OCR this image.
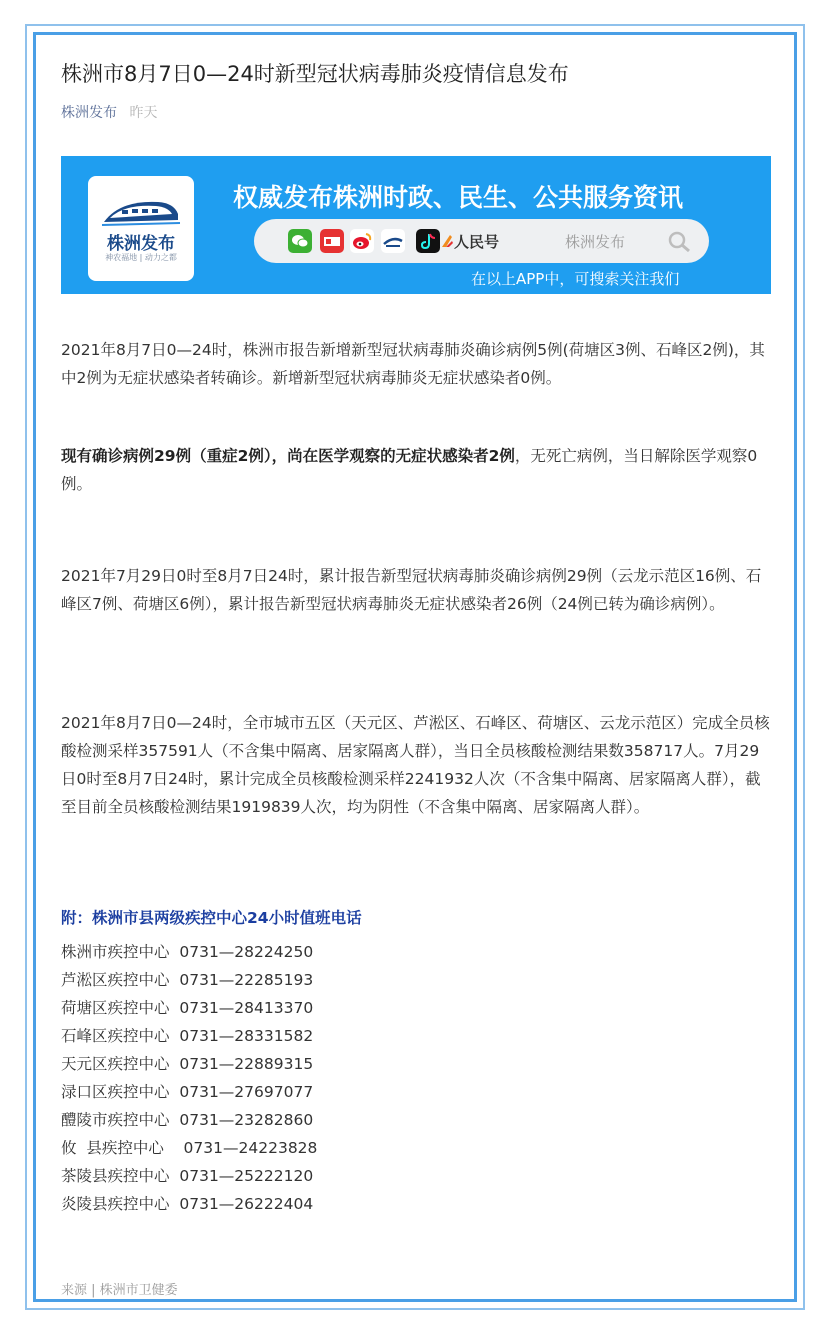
株洲市8月7日0—24时新型冠状病毒肺炎疫情信息发布
株洲发布 昨天
株洲发布
神农福地 | 动力之都
权威发布株洲时政、民生、公共服务资讯
人民号	株洲发布
在以上APP中，可搜索关注我们
2021年8月7日0—24时，株洲市报告新增新型冠状病毒肺炎确诊病例5例(荷塘区3例、石峰区2例)，其中2例为无症状感染者转确诊。新增新型冠状病毒肺炎无症状感染者0例。
现有确诊病例29例（重症2例），尚在医学观察的无症状感染者2例，无死亡病例，当日解除医学观察0例。
2021年7月29日0时至8月7日24时，累计报告新型冠状病毒肺炎确诊病例29例（云龙示范区16例、石峰区7例、荷塘区6例），累计报告新型冠状病毒肺炎无症状感染者26例（24例已转为确诊病例）。
2021年8月7日0—24时，全市城市五区（天元区、芦淞区、石峰区、荷塘区、云龙示范区）完成全员核酸检测采样357591人（不含集中隔离、居家隔离人群），当日全员核酸检测结果数358717人。7月29日0时至8月7日24时，累计完成全员核酸检测采样2241932人次（不含集中隔离、居家隔离人群），截至目前全员核酸检测结果1919839人次，均为阴性（不含集中隔离、居家隔离人群）。
附：株洲市县两级疾控中心24小时值班电话
株洲市疾控中心  0731—28224250
芦淞区疾控中心  0731—22285193
荷塘区疾控中心  0731—28413370
石峰区疾控中心  0731—28331582
天元区疾控中心  0731—22889315
渌口区疾控中心  0731—27697077
醴陵市疾控中心  0731—23282860
攸  县疾控中心    0731—24223828
茶陵县疾控中心  0731—25222120
炎陵县疾控中心  0731—26222404
来源 | 株洲市卫健委
